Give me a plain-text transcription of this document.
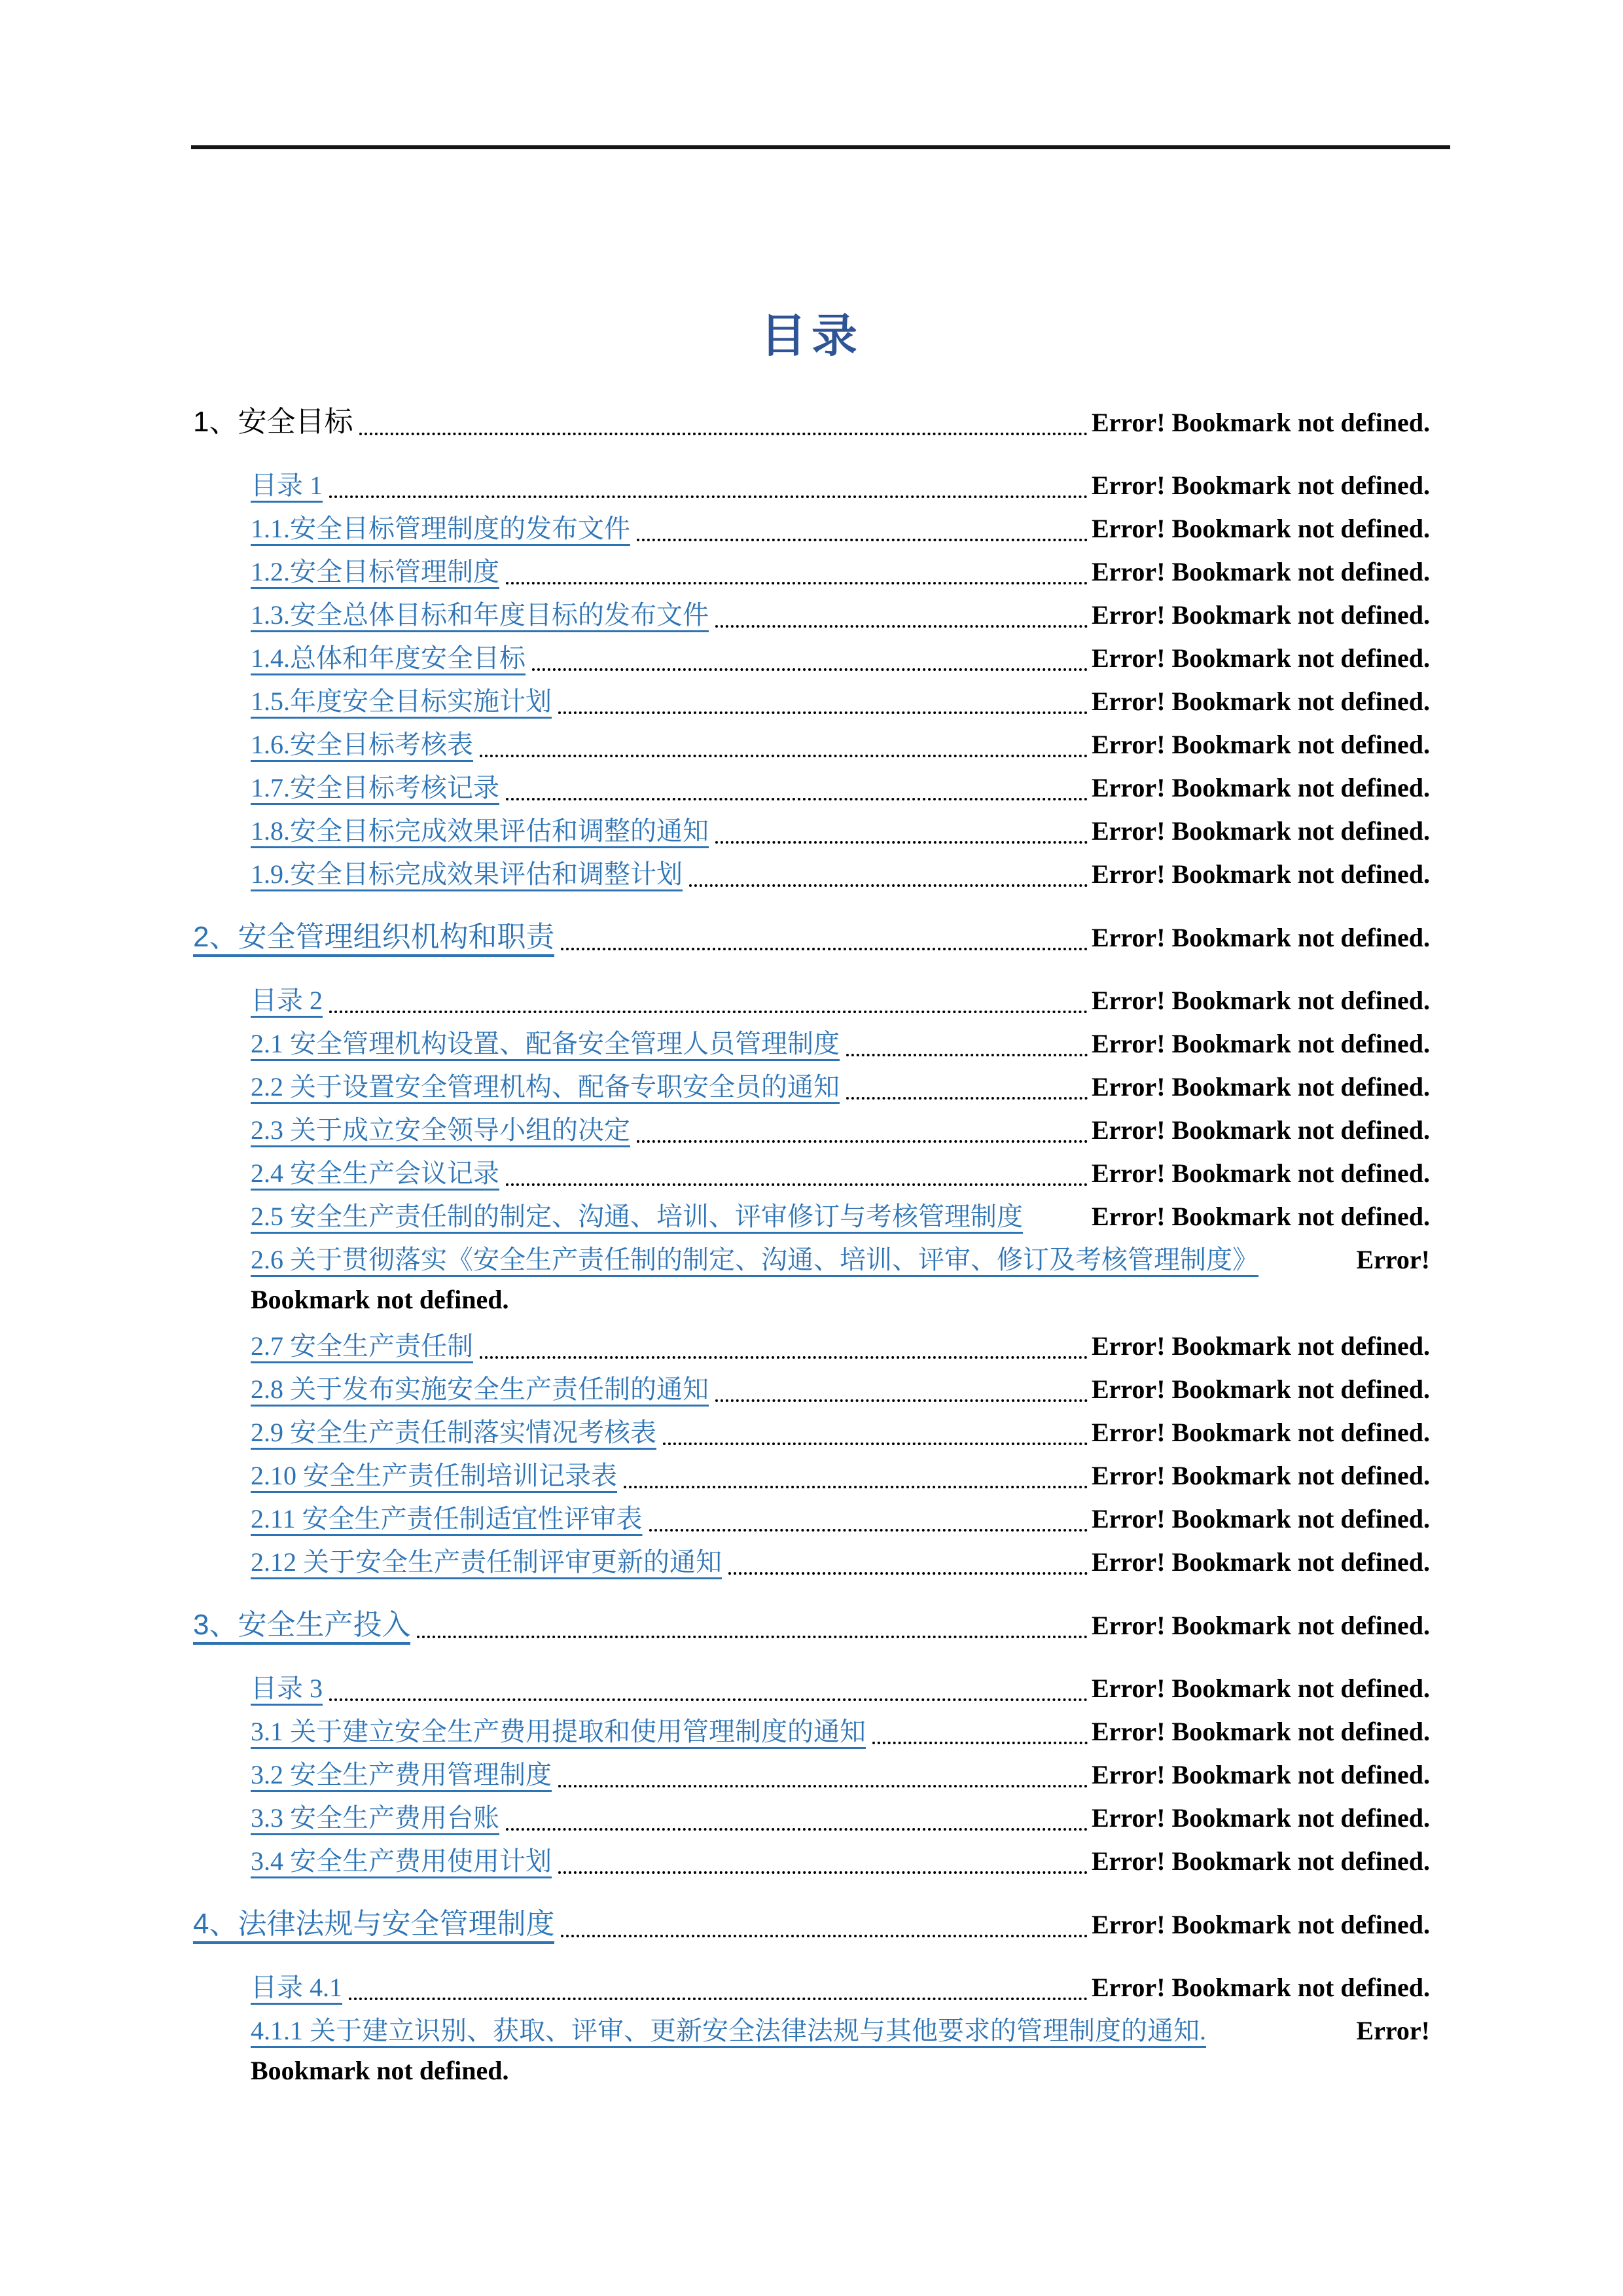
目录
1、安全目标	Error! Bookmark not defined.
目录 1	Error! Bookmark not defined.
1.1.安全目标管理制度的发布文件	Error! Bookmark not defined.
1.2.安全目标管理制度	Error! Bookmark not defined.
1.3.安全总体目标和年度目标的发布文件	Error! Bookmark not defined.
1.4.总体和年度安全目标	Error! Bookmark not defined.
1.5.年度安全目标实施计划	Error! Bookmark not defined.
1.6.安全目标考核表	Error! Bookmark not defined.
1.7.安全目标考核记录	Error! Bookmark not defined.
1.8.安全目标完成效果评估和调整的通知	Error! Bookmark not defined.
1.9.安全目标完成效果评估和调整计划	Error! Bookmark not defined.
2、安全管理组织机构和职责	Error! Bookmark not defined.
目录 2	Error! Bookmark not defined.
2.1 安全管理机构设置、配备安全管理人员管理制度	Error! Bookmark not defined.
2.2 关于设置安全管理机构、配备专职安全员的通知	Error! Bookmark not defined.
2.3 关于成立安全领导小组的决定	Error! Bookmark not defined.
2.4 安全生产会议记录	Error! Bookmark not defined.
2.5 安全生产责任制的制定、沟通、培训、评审修订与考核管理制度	Error! Bookmark not defined.
2.6 关于贯彻落实《安全生产责任制的制定、沟通、培训、评审、修订及考核管理制度》	Error!
Bookmark not defined.
2.7 安全生产责任制	Error! Bookmark not defined.
2.8 关于发布实施安全生产责任制的通知	Error! Bookmark not defined.
2.9 安全生产责任制落实情况考核表	Error! Bookmark not defined.
2.10 安全生产责任制培训记录表	Error! Bookmark not defined.
2.11 安全生产责任制适宜性评审表	Error! Bookmark not defined.
2.12 关于安全生产责任制评审更新的通知	Error! Bookmark not defined.
3、安全生产投入	Error! Bookmark not defined.
目录 3	Error! Bookmark not defined.
3.1 关于建立安全生产费用提取和使用管理制度的通知	Error! Bookmark not defined.
3.2 安全生产费用管理制度	Error! Bookmark not defined.
3.3 安全生产费用台账	Error! Bookmark not defined.
3.4 安全生产费用使用计划	Error! Bookmark not defined.
4、法律法规与安全管理制度	Error! Bookmark not defined.
目录 4.1	Error! Bookmark not defined.
4.1.1 关于建立识别、获取、评审、更新安全法律法规与其他要求的管理制度的通知.	Error!
Bookmark not defined.
